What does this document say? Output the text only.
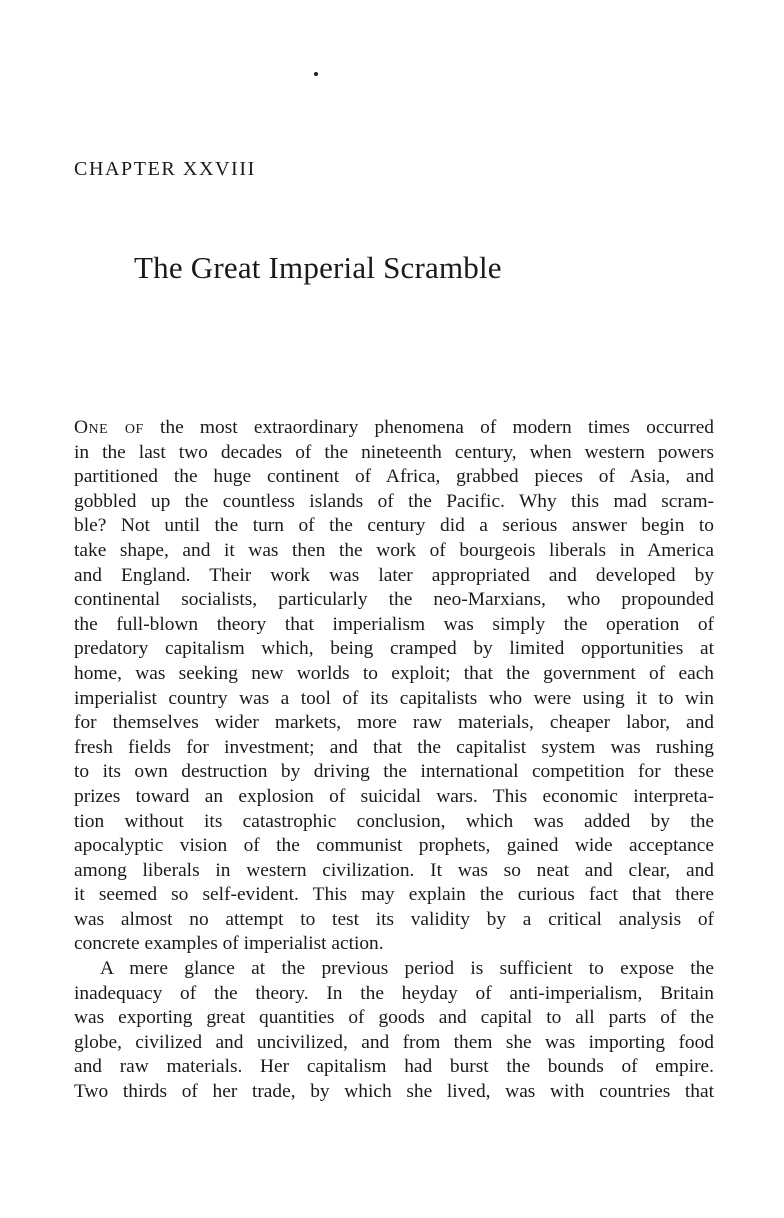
CHAPTER XXVIII
The Great Imperial Scramble
One of the most extraordinary phenomena of modern times occurred
in the last two decades of the nineteenth century, when western powers
partitioned the huge continent of Africa, grabbed pieces of Asia, and
gobbled up the countless islands of the Pacific. Why this mad scram-
ble? Not until the turn of the century did a serious answer begin to
take shape, and it was then the work of bourgeois liberals in America
and England. Their work was later appropriated and developed by
continental socialists, particularly the neo-Marxians, who propounded
the full-blown theory that imperialism was simply the operation of
predatory capitalism which, being cramped by limited opportunities at
home, was seeking new worlds to exploit; that the government of each
imperialist country was a tool of its capitalists who were using it to win
for themselves wider markets, more raw materials, cheaper labor, and
fresh fields for investment; and that the capitalist system was rushing
to its own destruction by driving the international competition for these
prizes toward an explosion of suicidal wars. This economic interpreta-
tion without its catastrophic conclusion, which was added by the
apocalyptic vision of the communist prophets, gained wide acceptance
among liberals in western civilization. It was so neat and clear, and
it seemed so self-evident. This may explain the curious fact that there
was almost no attempt to test its validity by a critical analysis of
concrete examples of imperialist action.
A mere glance at the previous period is sufficient to expose the
inadequacy of the theory. In the heyday of anti-imperialism, Britain
was exporting great quantities of goods and capital to all parts of the
globe, civilized and uncivilized, and from them she was importing food
and raw materials. Her capitalism had burst the bounds of empire.
Two thirds of her trade, by which she lived, was with countries that
